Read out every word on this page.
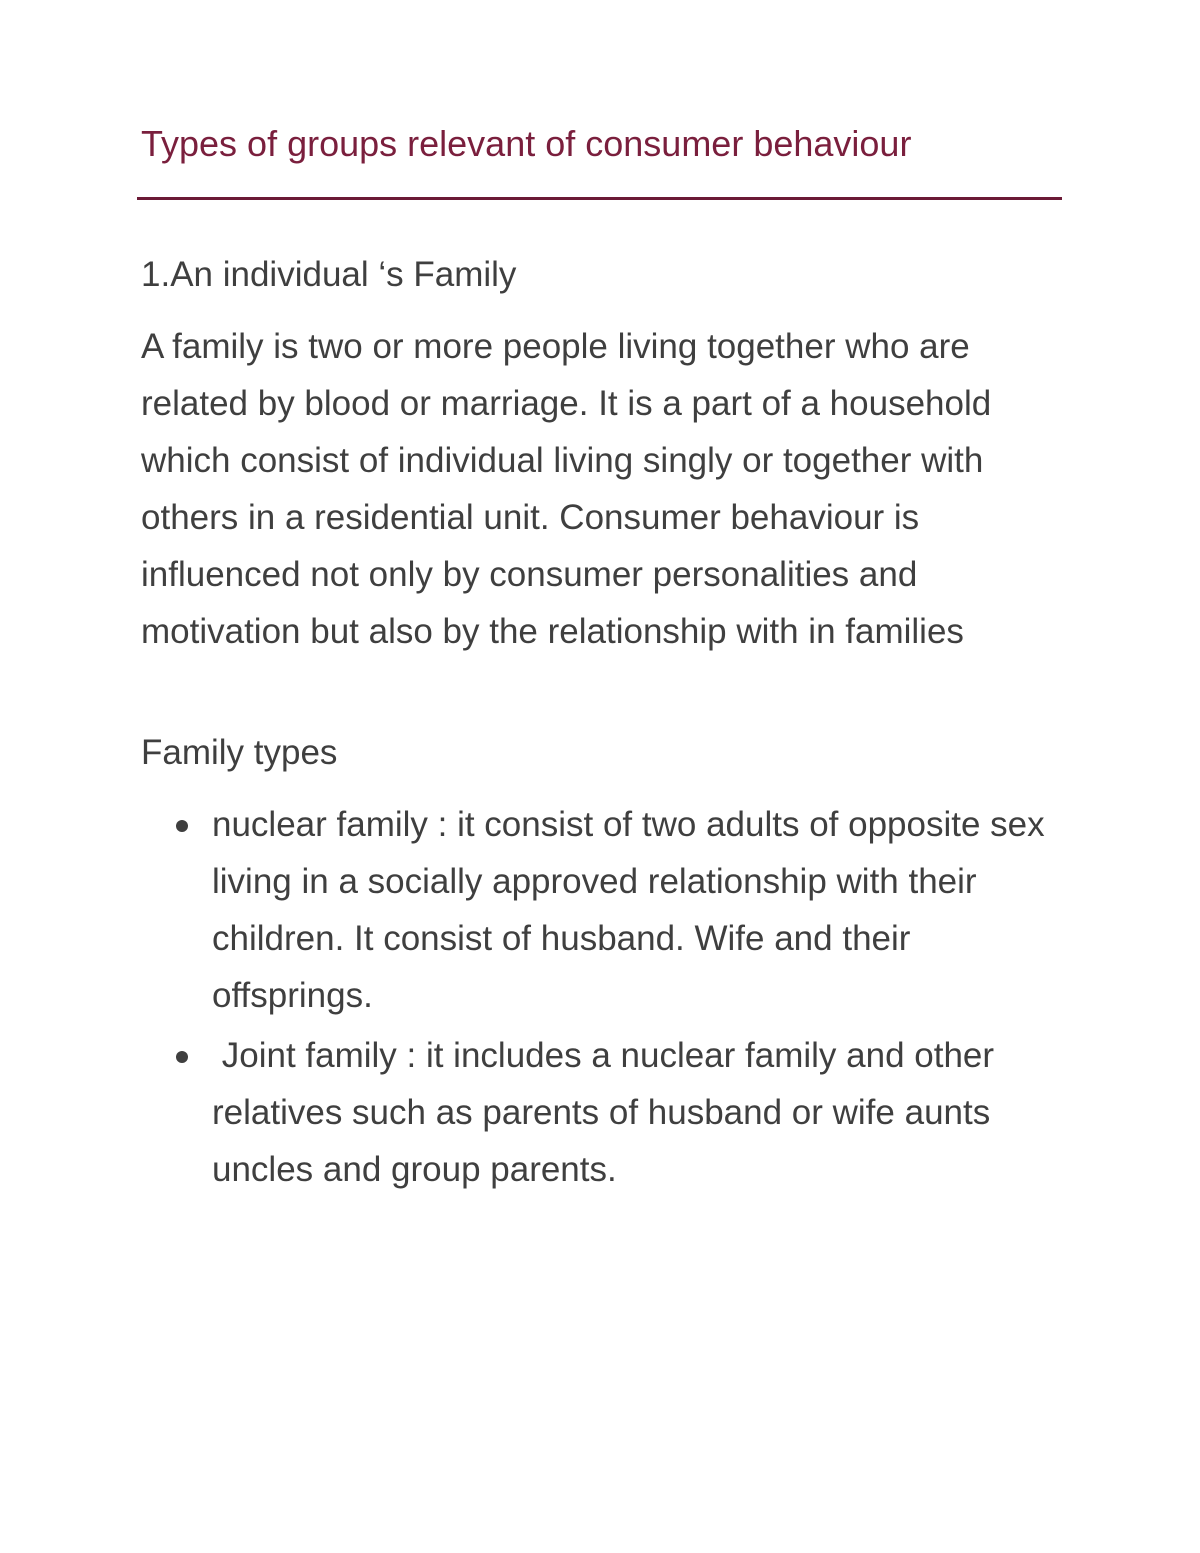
Types of groups relevant of consumer behaviour
1.An individual ‘s Family

A family is two or more people living together who are related by blood or marriage. It is a part of a household which consist of individual living singly or together with others in a residential unit. Consumer behaviour is influenced not only by consumer personalities and motivation but also by the relationship with in families

Family types
nuclear family : it consist of two adults of opposite sex living in a socially approved relationship with their children. It consist of husband. Wife and their offsprings.
Joint family : it includes a nuclear family and other relatives such as parents of husband or wife aunts uncles and group parents.
